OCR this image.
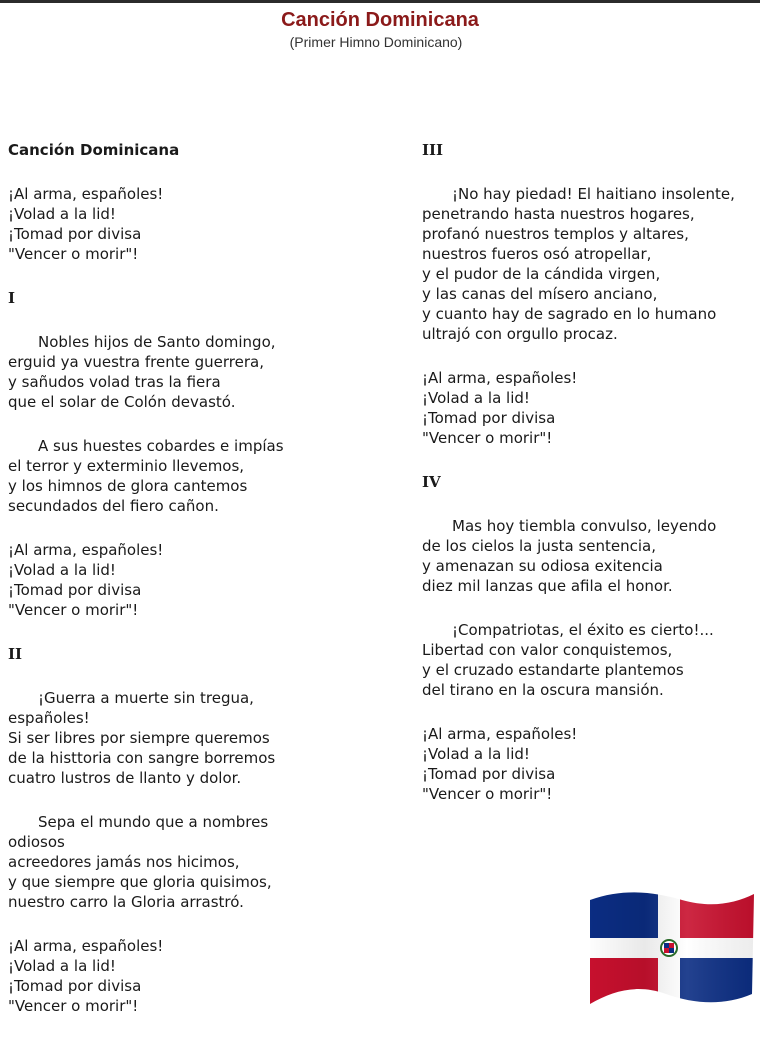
Canción Dominicana
(Primer Himno Dominicano)
Canción Dominicana
¡Al arma, españoles!
¡Volad a la lid!
¡Tomad por divisa
"Vencer o morir"!
I
Nobles hijos de Santo domingo,
erguid ya vuestra frente guerrera,
y sañudos volad tras la fiera
que el solar de Colón devastó.
A sus huestes cobardes e impías
el terror y exterminio llevemos,
y los himnos de glora cantemos
secundados del fiero cañon.
¡Al arma, españoles!
¡Volad a la lid!
¡Tomad por divisa
"Vencer o morir"!
II
¡Guerra a muerte sin tregua,
españoles!
Si ser libres por siempre queremos
de la histtoria con sangre borremos
cuatro lustros de llanto y dolor.
Sepa el mundo que a nombres
odiosos
acreedores jamás nos hicimos,
y que siempre que gloria quisimos,
nuestro carro la Gloria arrastró.
¡Al arma, españoles!
¡Volad a la lid!
¡Tomad por divisa
"Vencer o morir"!
III
¡No hay piedad! El haitiano insolente,
penetrando hasta nuestros hogares,
profanó nuestros templos y altares,
nuestros fueros osó atropellar,
y el pudor de la cándida virgen,
y las canas del mísero anciano,
y cuanto hay de sagrado en lo humano
ultrajó con orgullo procaz.
¡Al arma, españoles!
¡Volad a la lid!
¡Tomad por divisa
"Vencer o morir"!
IV
Mas hoy tiembla convulso, leyendo
de los cielos la justa sentencia,
y amenazan su odiosa exitencia
diez mil lanzas que afila el honor.
¡Compatriotas, el éxito es cierto!...
Libertad con valor conquistemos,
y el cruzado estandarte plantemos
del tirano en la oscura mansión.
¡Al arma, españoles!
¡Volad a la lid!
¡Tomad por divisa
"Vencer o morir"!
